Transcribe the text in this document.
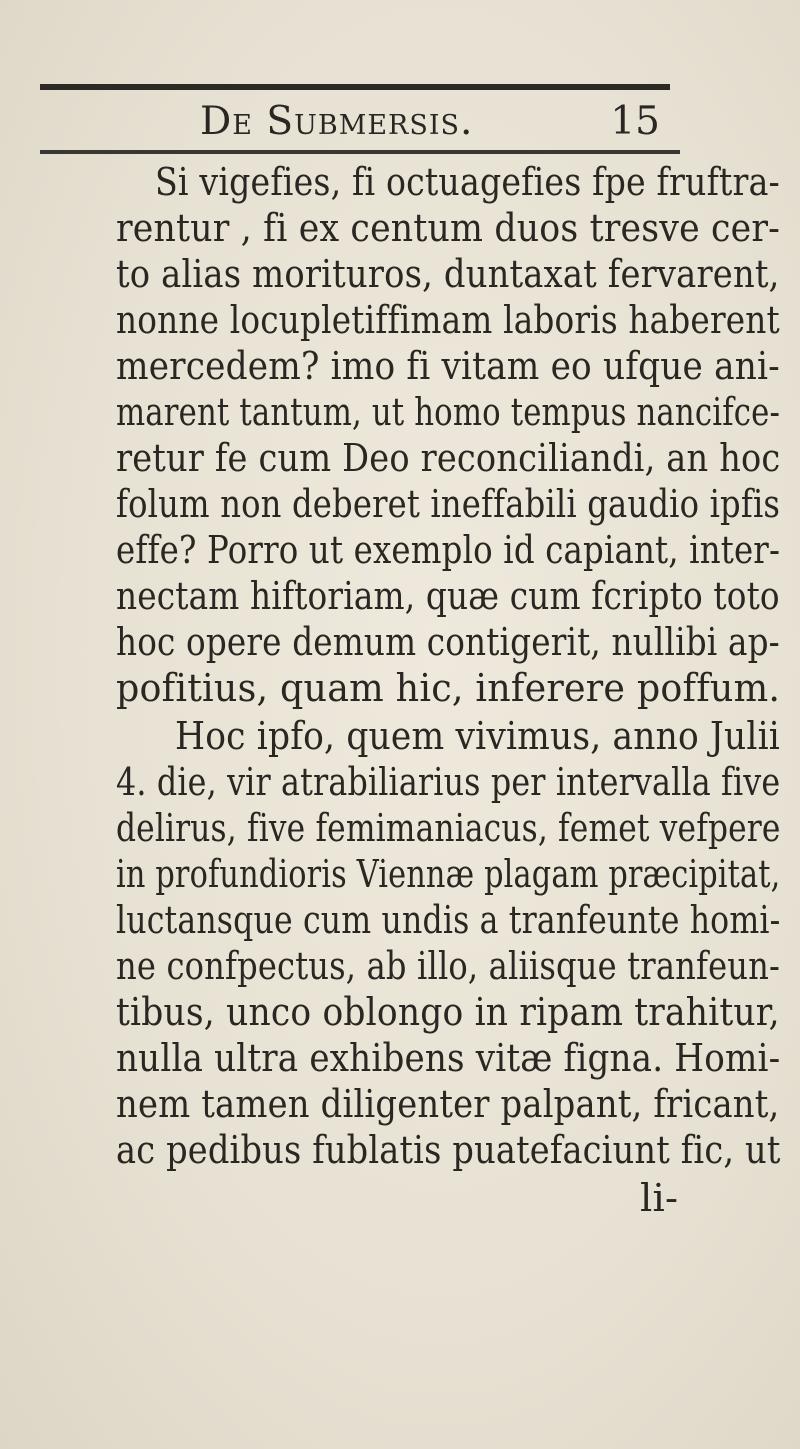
De Submersis.	15
Si vigefies, fi octuagefies fpe fruftra-
rentur , fi ex centum duos tresve cer-
to alias morituros, duntaxat fervarent,
nonne locupletiffimam laboris haberent
mercedem? imo fi vitam eo ufque ani-
marent tantum, ut homo tempus nancifce-
retur fe cum Deo reconciliandi, an hoc
folum non deberet ineffabili gaudio ipfis
effe? Porro ut exemplo id capiant, inter-
nectam hiftoriam, quæ cum fcripto toto
hoc opere demum contigerit, nullibi ap-
pofitius, quam hic, inferere poffum.
Hoc ipfo, quem vivimus, anno Julii
4. die, vir atrabiliarius per intervalla five
delirus, five femimaniacus, femet vefpere
in profundioris Viennæ plagam præcipitat,
luctansque cum undis a tranfeunte homi-
ne confpectus, ab illo, aliisque tranfeun-
tibus, unco oblongo in ripam trahitur,
nulla ultra exhibens vitæ figna. Homi-
nem tamen diligenter palpant, fricant,
ac pedibus fublatis puatefaciunt fic, ut
li-
